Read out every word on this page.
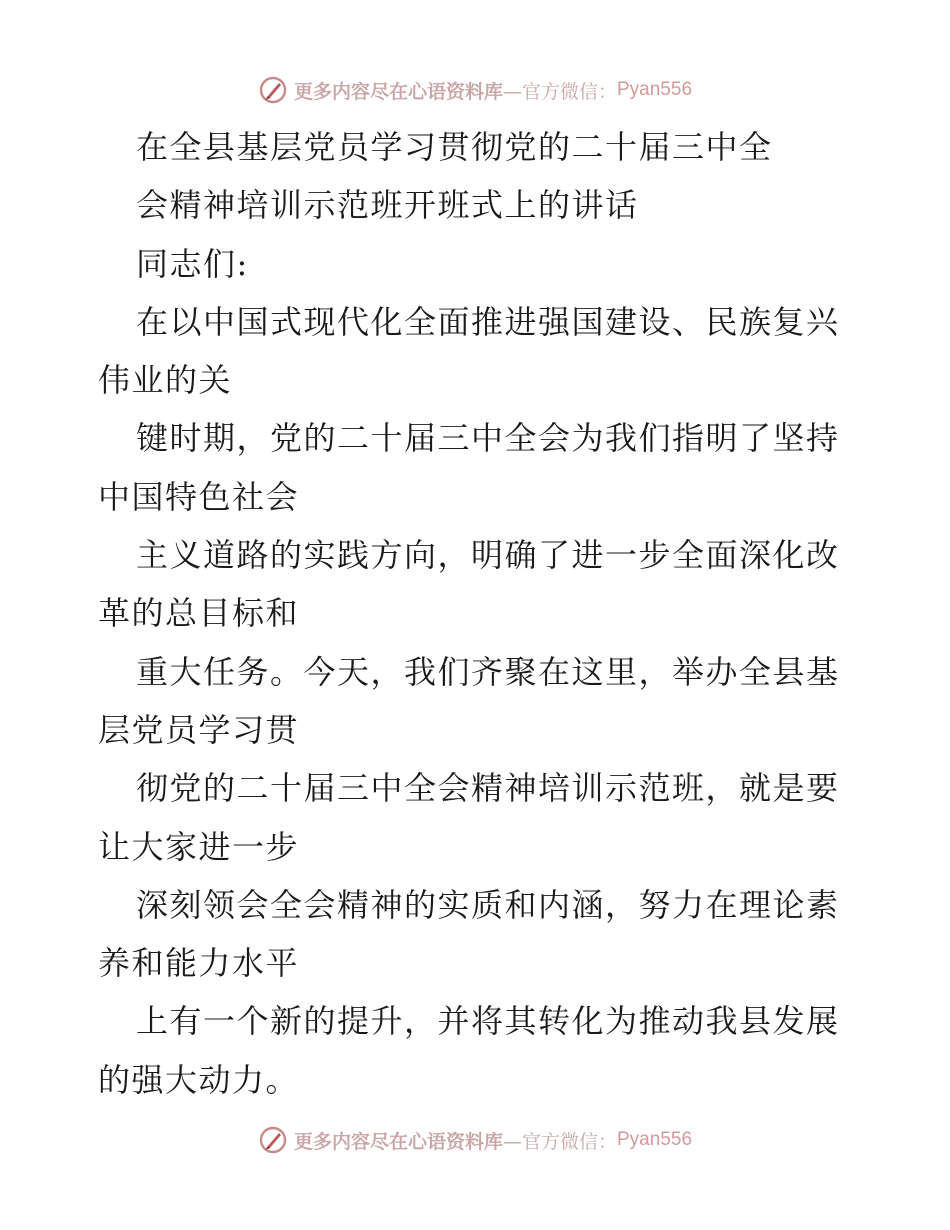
更多内容尽在心语资料库 —官方微信： Pyan556
在全县基层党员学习贯彻党的二十届三中全
会精神培训示范班开班式上的讲话
同志们:
在以中国式现代化全面推进强国建设、民族复兴
伟业的关
键时期，党的二十届三中全会为我们指明了坚持
中国特色社会
主义道路的实践方向，明确了进一步全面深化改
革的总目标和
重大任务。今天，我们齐聚在这里，举办全县基
层党员学习贯
彻党的二十届三中全会精神培训示范班，就是要
让大家进一步
深刻领会全会精神的实质和内涵，努力在理论素
养和能力水平
上有一个新的提升，并将其转化为推动我县发展
的强大动力。
更多内容尽在心语资料库 —官方微信： Pyan556
